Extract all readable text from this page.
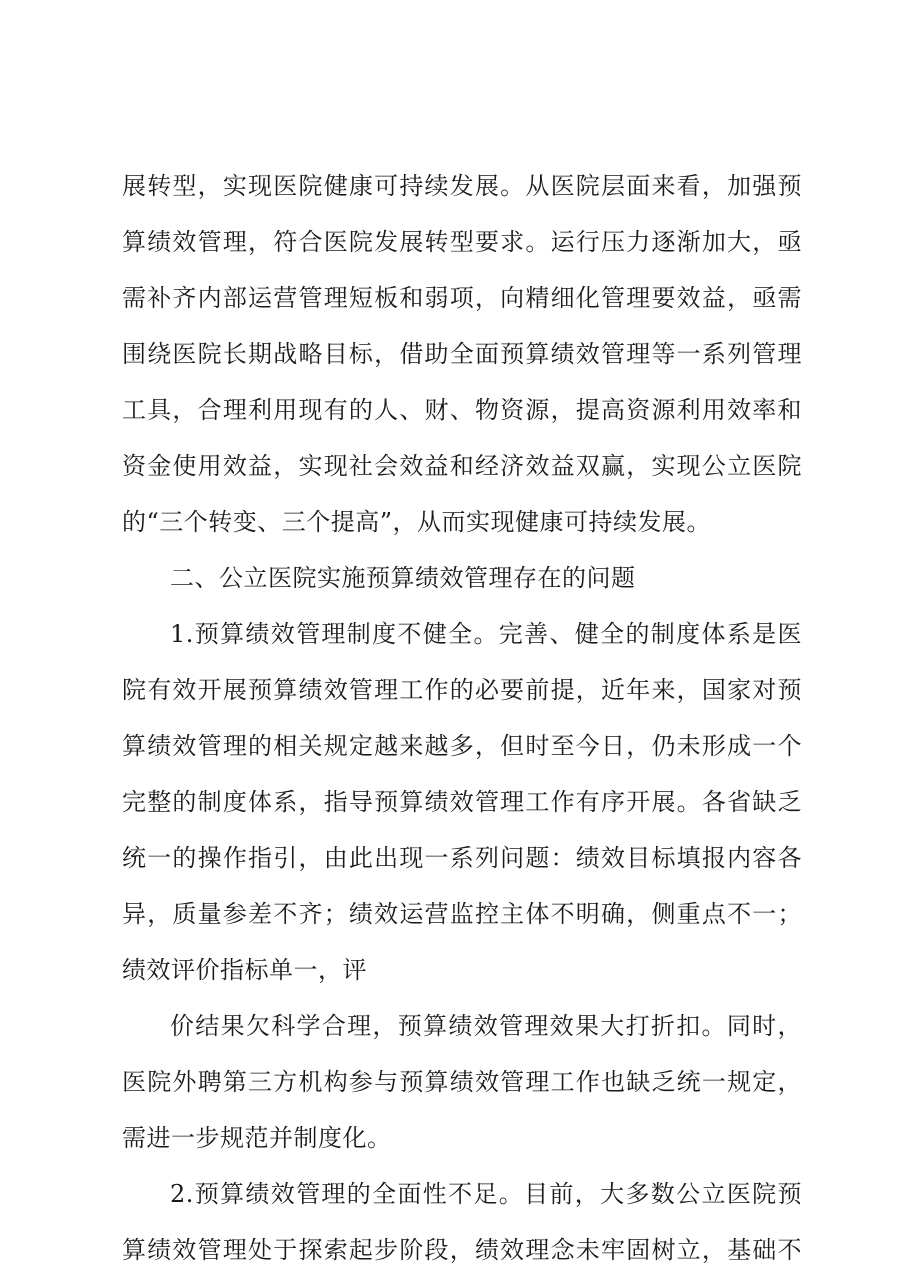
展转型，实现医院健康可持续发展。从医院层面来看，加强预
算绩效管理，符合医院发展转型要求。运行压力逐渐加大，亟
需补齐内部运营管理短板和弱项，向精细化管理要效益，亟需
围绕医院长期战略目标，借助全面预算绩效管理等一系列管理
工具，合理利用现有的人、财、物资源，提高资源利用效率和
资金使用效益，实现社会效益和经济效益双赢，实现公立医院
的“三个转变、三个提高”，从而实现健康可持续发展。
二、公立医院实施预算绩效管理存在的问题
1.预算绩效管理制度不健全。完善、健全的制度体系是医
院有效开展预算绩效管理工作的必要前提，近年来，国家对预
算绩效管理的相关规定越来越多，但时至今日，仍未形成一个
完整的制度体系，指导预算绩效管理工作有序开展。各省缺乏
统一的操作指引，由此出现一系列问题：绩效目标填报内容各
异，质量参差不齐；绩效运营监控主体不明确，侧重点不一；
绩效评价指标单一，评
价结果欠科学合理，预算绩效管理效果大打折扣。同时，
医院外聘第三方机构参与预算绩效管理工作也缺乏统一规定，
需进一步规范并制度化。
2.预算绩效管理的全面性不足。目前，大多数公立医院预
算绩效管理处于探索起步阶段，绩效理念未牢固树立，基础不
